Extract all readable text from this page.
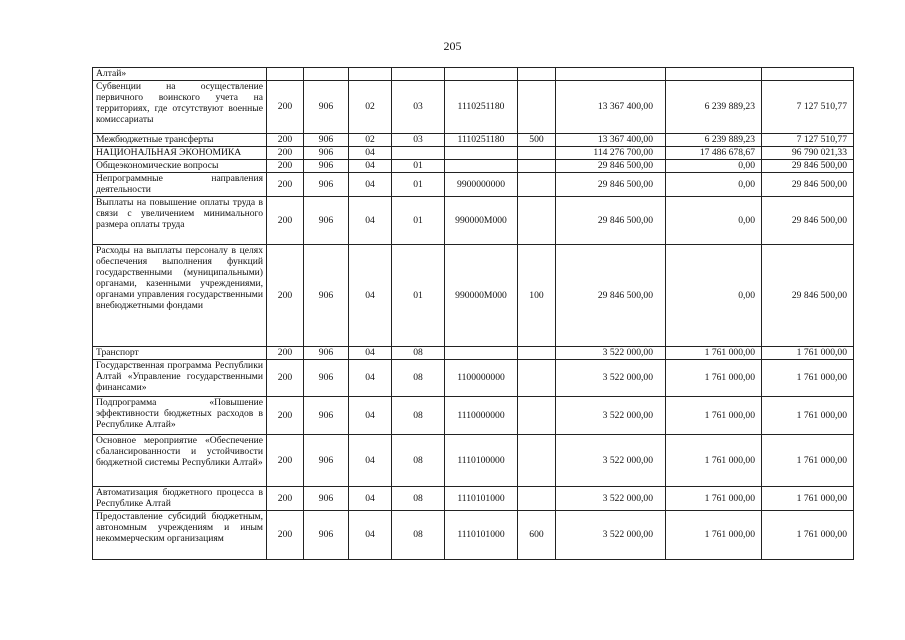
205
Алтай»									
Субвенции на осуществление первичного воинского учета на территориях, где отсутствуют военные комиссариаты	200	906	02	03	1110251180		13 367 400,00	6 239 889,23	7 127 510,77
Межбюджетные трансферты	200	906	02	03	1110251180	500	13 367 400,00	6 239 889,23	7 127 510,77
НАЦИОНАЛЬНАЯ ЭКОНОМИКА	200	906	04				114 276 700,00	17 486 678,67	96 790 021,33
Общеэкономические вопросы	200	906	04	01			29 846 500,00	0,00	29 846 500,00
Непрограммные направления деятельности	200	906	04	01	9900000000		29 846 500,00	0,00	29 846 500,00
Выплаты на повышение оплаты труда в связи с увеличением минимального размера оплаты труда	200	906	04	01	990000М000		29 846 500,00	0,00	29 846 500,00
Расходы на выплаты персоналу в целях обеспечения выполнения функций государственными (муниципальными) органами, казенными учреждениями, органами управления государственными внебюджетными фондами	200	906	04	01	990000М000	100	29 846 500,00	0,00	29 846 500,00
Транспорт	200	906	04	08			3 522 000,00	1 761 000,00	1 761 000,00
Государственная программа Республики Алтай «Управление государственными финансами»	200	906	04	08	1100000000		3 522 000,00	1 761 000,00	1 761 000,00
Подпрограмма «Повышение эффективности бюджетных расходов в Республике Алтай»	200	906	04	08	1110000000		3 522 000,00	1 761 000,00	1 761 000,00
Основное мероприятие «Обеспечение сбалансированности и устойчивости бюджетной системы Республики Алтай»	200	906	04	08	1110100000		3 522 000,00	1 761 000,00	1 761 000,00
Автоматизация бюджетного процесса в Республике Алтай	200	906	04	08	1110101000		3 522 000,00	1 761 000,00	1 761 000,00
Предоставление субсидий бюджетным, автономным учреждениям и иным некоммерческим организациям	200	906	04	08	1110101000	600	3 522 000,00	1 761 000,00	1 761 000,00
